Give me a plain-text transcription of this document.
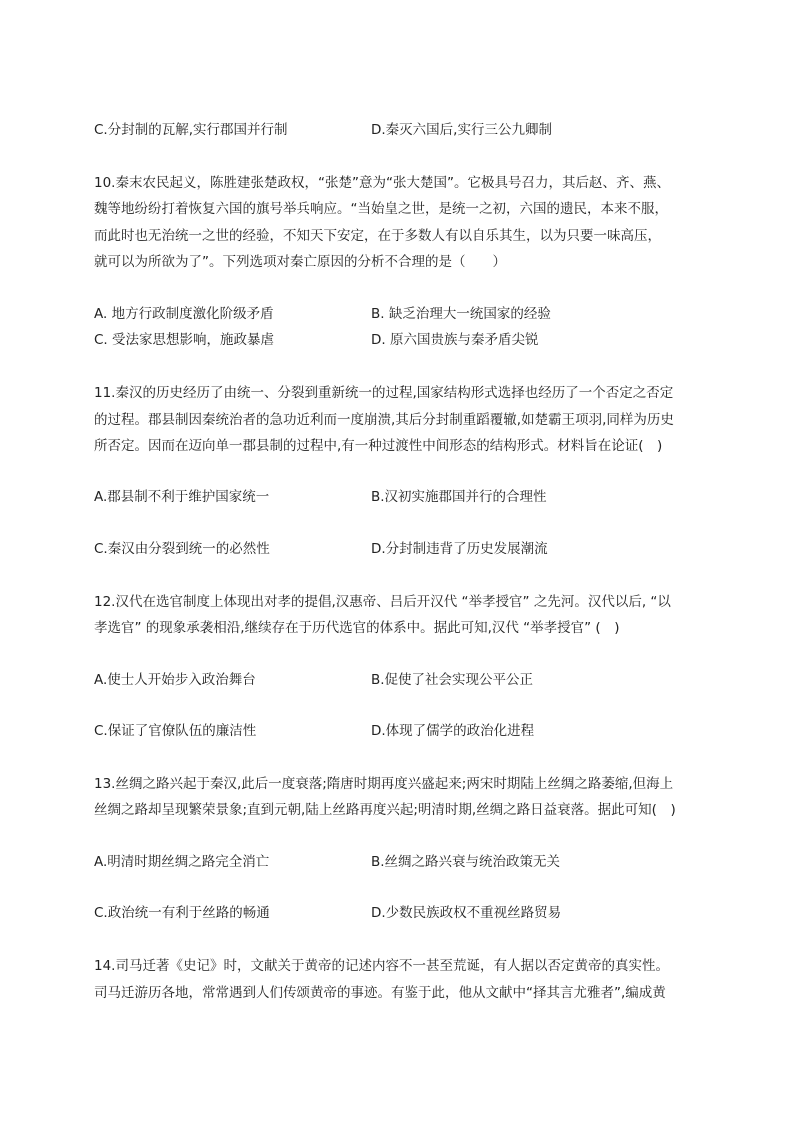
C.分封制的瓦解,实行郡国并行制	D.秦灭六国后,实行三公九卿制
10.秦末农民起义，陈胜建张楚政权，“张楚”意为“张大楚国”。它极具号召力，其后赵、齐、燕、
魏等地纷纷打着恢复六国的旗号举兵响应。“当始皇之世，是统一之初，六国的遗民，本来不服，
而此时也无治统一之世的经验，不知天下安定，在于多数人有以自乐其生，以为只要一味高压，
就可以为所欲为了”。下列选项对秦亡原因的分析不合理的是（　　）
A. 地方行政制度激化阶级矛盾	B. 缺乏治理大一统国家的经验
C. 受法家思想影响，施政暴虐	D. 原六国贵族与秦矛盾尖锐
11.秦汉的历史经历了由统一、分裂到重新统一的过程,国家结构形式选择也经历了一个否定之否定
的过程。郡县制因秦统治者的急功近利而一度崩溃,其后分封制重蹈覆辙,如楚霸王项羽,同样为历史
所否定。因而在迈向单一郡县制的过程中,有一种过渡性中间形态的结构形式。材料旨在论证(　)
A.郡县制不利于维护国家统一	B.汉初实施郡国并行的合理性
C.秦汉由分裂到统一的必然性	D.分封制违背了历史发展潮流
12.汉代在选官制度上体现出对孝的提倡,汉惠帝、吕后开汉代 “举孝授官” 之先河。汉代以后, “以
孝选官” 的现象承袭相沿,继续存在于历代选官的体系中。据此可知,汉代 “举孝授官” (　)
A.使士人开始步入政治舞台	B.促使了社会实现公平公正
C.保证了官僚队伍的廉洁性	D.体现了儒学的政治化进程
13.丝绸之路兴起于秦汉,此后一度衰落;隋唐时期再度兴盛起来;两宋时期陆上丝绸之路萎缩,但海上
丝绸之路却呈现繁荣景象;直到元朝,陆上丝路再度兴起;明清时期,丝绸之路日益衰落。据此可知(　)
A.明清时期丝绸之路完全消亡	B.丝绸之路兴衰与统治政策无关
C.政治统一有利于丝路的畅通	D.少数民族政权不重视丝路贸易
14.司马迁著《史记》时，文献关于黄帝的记述内容不一甚至荒诞，有人据以否定黄帝的真实性。
司马迁游历各地，常常遇到人们传颂黄帝的事迹。有鉴于此，他从文献中“择其言尤雅者”,编成黄
